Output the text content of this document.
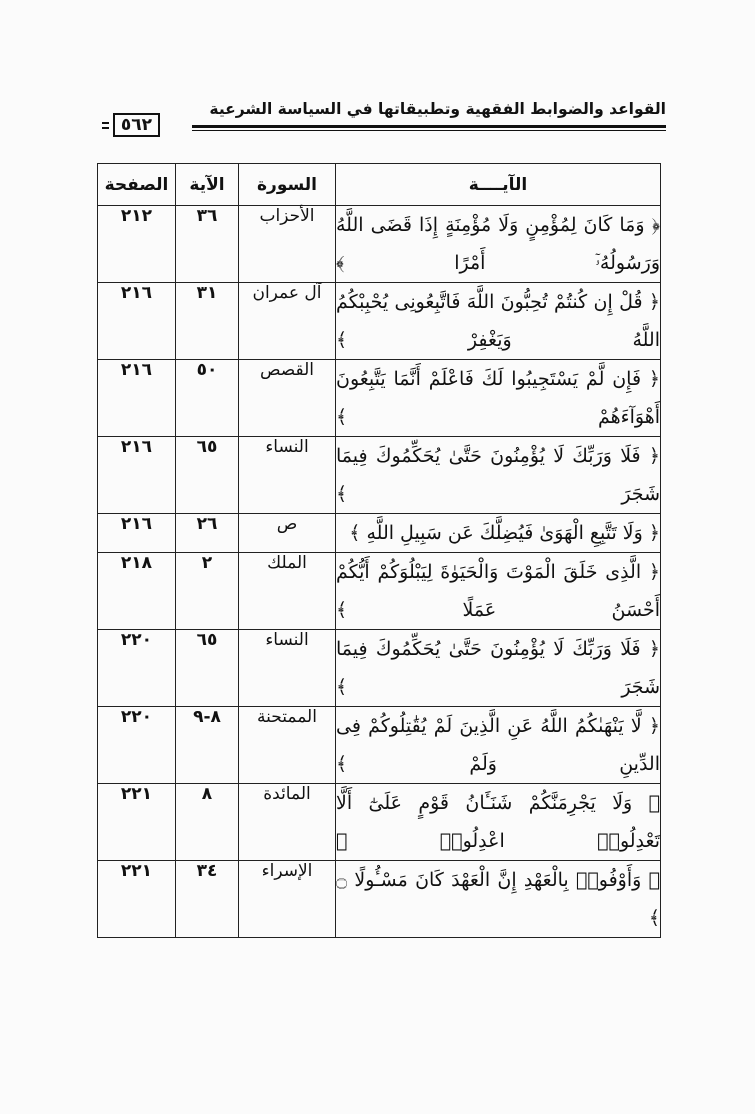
القواعد والضوابط الفقهية وتطبيقاتها في السياسة الشرعية
٥٦٢
الآيــــة	السورة	الآية	الصفحة
﴿ وَمَا كَانَ لِمُؤْمِنٍ وَلَا مُؤْمِنَةٍ إِذَا قَضَى اللَّهُ وَرَسُولُهُۥٓ أَمْرًا ﴾	الأحزاب	٣٦	٢١٢
﴿ قُلْ إِن كُنتُمْ تُحِبُّونَ اللَّهَ فَاتَّبِعُونِى يُحْبِبْكُمُ اللَّهُ وَيَغْفِرْ ﴾	آل عمران	٣١	٢١٦
﴿ فَإِن لَّمْ يَسْتَجِيبُوا لَكَ فَاعْلَمْ أَنَّمَا يَتَّبِعُونَ أَهْوَآءَهُمْ ﴾	القصص	٥٠	٢١٦
﴿ فَلَا وَرَبِّكَ لَا يُؤْمِنُونَ حَتَّىٰ يُحَكِّمُوكَ فِيمَا شَجَرَ ﴾	النساء	٦٥	٢١٦
﴿ وَلَا تَتَّبِعِ الْهَوَىٰ فَيُضِلَّكَ عَن سَبِيلِ اللَّهِ ﴾	ص	٢٦	٢١٦
﴿ الَّذِى خَلَقَ الْمَوْتَ وَالْحَيَوٰةَ لِيَبْلُوَكُمْ أَيُّكُمْ أَحْسَنُ عَمَلًا ﴾	الملك	٢	٢١٨
﴿ فَلَا وَرَبِّكَ لَا يُؤْمِنُونَ حَتَّىٰ يُحَكِّمُوكَ فِيمَا شَجَرَ ﴾	النساء	٦٥	٢٢٠
﴿ لَّا يَنْهَىٰكُمُ اللَّهُ عَنِ الَّذِينَ لَمْ يُقَٰتِلُوكُمْ فِى الدِّينِ وَلَمْ ﴾	الممتحنة	٨-٩	٢٢٠
﴿ وَلَا يَجْرِمَنَّكُمْ شَنَـَٔانُ قَوْمٍ عَلَىٰٓ أَلَّا تَعْدِلُوا۟ اعْدِلُوا۟ ﴾	المائدة	٨	٢٢١
﴿ وَأَوْفُوا۟ بِالْعَهْدِ إِنَّ الْعَهْدَ كَانَ مَسْـُٔولًا ۝ ﴾	الإسراء	٣٤	٢٢١
